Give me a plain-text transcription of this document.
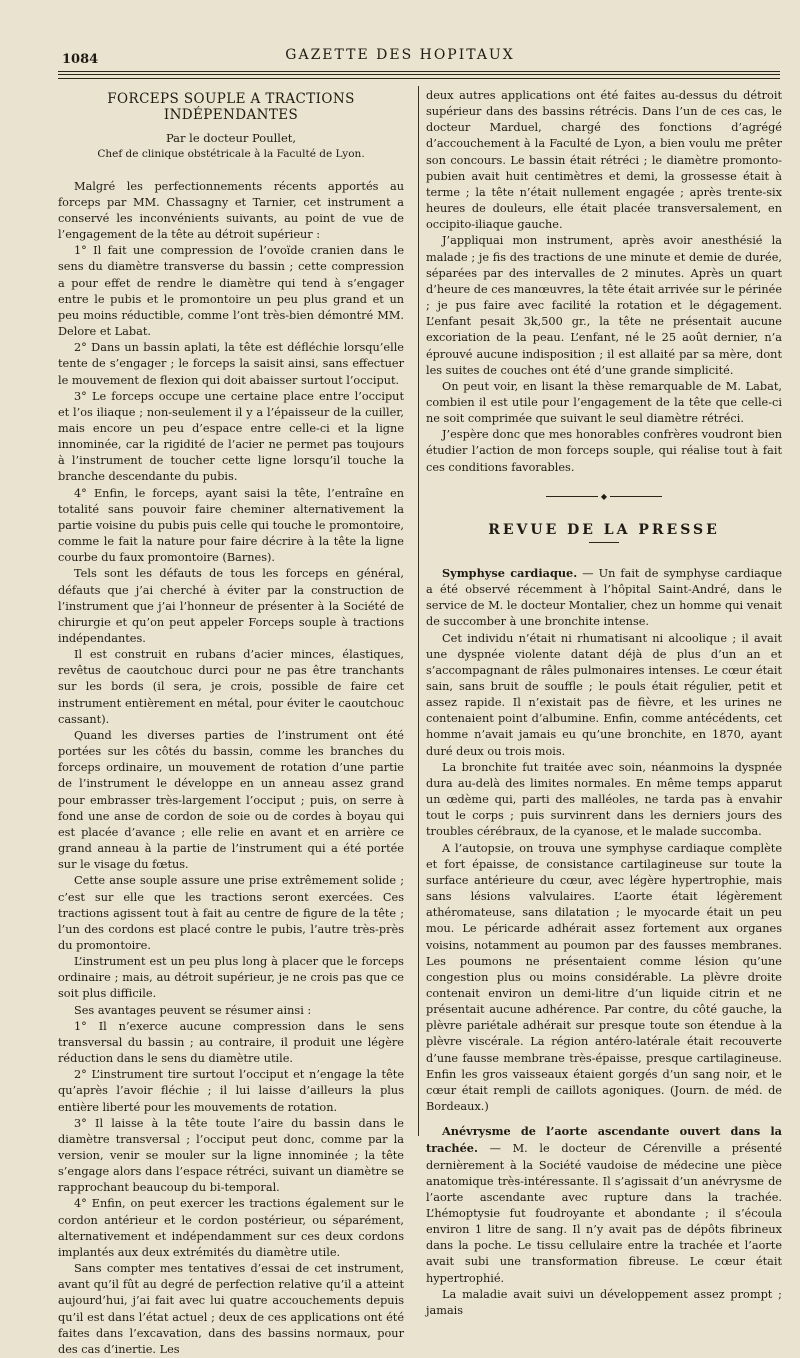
1084	GAZETTE DES HOPITAUX
FORCEPS SOUPLE A TRACTIONS INDÉPENDANTES
Par le docteur Poullet,
Chef de clinique obstétricale à la Faculté de Lyon.

Malgré les perfectionnements récents apportés au forceps par MM. Chassagny et Tarnier, cet instrument a conservé les inconvénients suivants, au point de vue de l’engagement de la tête au détroit supérieur :

1° Il fait une compression de l’ovoïde cranien dans le sens du diamètre transverse du bassin ; cette compression a pour effet de rendre le diamètre qui tend à s’engager entre le pubis et le promontoire un peu plus grand et un peu moins réductible, comme l’ont très-bien démontré MM. Delore et Labat.

2° Dans un bassin aplati, la tête est défléchie lorsqu’elle tente de s’engager ; le forceps la saisit ainsi, sans effectuer le mouvement de flexion qui doit abaisser surtout l’occiput.

3° Le forceps occupe une certaine place entre l’occiput et l’os iliaque ; non-seulement il y a l’épaisseur de la cuiller, mais encore un peu d’espace entre celle-ci et la ligne innominée, car la rigidité de l’acier ne permet pas toujours à l’instrument de toucher cette ligne lorsqu’il touche la branche descendante du pubis.

4° Enfin, le forceps, ayant saisi la tête, l’entraîne en totalité sans pouvoir faire cheminer alternativement la partie voisine du pubis puis celle qui touche le promontoire, comme le fait la nature pour faire décrire à la tête la ligne courbe du faux promontoire (Barnes).

Tels sont les défauts de tous les forceps en général, défauts que j’ai cherché à éviter par la construction de l’instrument que j’ai l’honneur de présenter à la Société de chirurgie et qu’on peut appeler Forceps souple à tractions indépendantes.

Il est construit en rubans d’acier minces, élastiques, revêtus de caoutchouc durci pour ne pas être tranchants sur les bords (il sera, je crois, possible de faire cet instrument entièrement en métal, pour éviter le caoutchouc cassant).

Quand les diverses parties de l’instrument ont été portées sur les côtés du bassin, comme les branches du forceps ordinaire, un mouvement de rotation d’une partie de l’instrument le développe en un anneau assez grand pour embrasser très-largement l’occiput ; puis, on serre à fond une anse de cordon de soie ou de cordes à boyau qui est placée d’avance ; elle relie en avant et en arrière ce grand anneau à la partie de l’instrument qui a été portée sur le visage du fœtus.

Cette anse souple assure une prise extrêmement solide ; c’est sur elle que les tractions seront exercées. Ces tractions agissent tout à fait au centre de figure de la tête ; l’un des cordons est placé contre le pubis, l’autre très-près du promontoire.

L’instrument est un peu plus long à placer que le forceps ordinaire ; mais, au détroit supérieur, je ne crois pas que ce soit plus difficile.

Ses avantages peuvent se résumer ainsi :

1° Il n’exerce aucune compression dans le sens transversal du bassin ; au contraire, il produit une légère réduction dans le sens du diamètre utile.

2° L’instrument tire surtout l’occiput et n’engage la tête qu’après l’avoir fléchie ; il lui laisse d’ailleurs la plus entière liberté pour les mouvements de rotation.

3° Il laisse à la tête toute l’aire du bassin dans le diamètre transversal ; l’occiput peut donc, comme par la version, venir se mouler sur la ligne innominée ; la tête s’engage alors dans l’espace rétréci, suivant un diamètre se rapprochant beaucoup du bi-temporal.

4° Enfin, on peut exercer les tractions également sur le cordon antérieur et le cordon postérieur, ou séparément, alternativement et indépendamment sur ces deux cordons implantés aux deux extrémités du diamètre utile.

Sans compter mes tentatives d’essai de cet instrument, avant qu’il fût au degré de perfection relative qu’il a atteint aujourd’hui, j’ai fait avec lui quatre accouchements depuis qu’il est dans l’état actuel ; deux de ces applications ont été faites dans l’excavation, dans des bassins normaux, pour des cas d’inertie. Les

deux autres applications ont été faites au-dessus du détroit supérieur dans des bassins rétrécis. Dans l’un de ces cas, le docteur Marduel, chargé des fonctions d’agrégé d’accouchement à la Faculté de Lyon, a bien voulu me prêter son concours. Le bassin était rétréci ; le diamètre promonto-pubien avait huit centimètres et demi, la grossesse était à terme ; la tête n’était nullement engagée ; après trente-six heures de douleurs, elle était placée transversalement, en occipito-iliaque gauche.

J’appliquai mon instrument, après avoir anesthésié la malade ; je fis des tractions de une minute et demie de durée, séparées par des intervalles de 2 minutes. Après un quart d’heure de ces manœuvres, la tête était arrivée sur le périnée ; je pus faire avec facilité la rotation et le dégagement. L’enfant pesait 3k,500 gr., la tête ne présentait aucune excoriation de la peau. L’enfant, né le 25 août dernier, n’a éprouvé aucune indisposition ; il est allaité par sa mère, dont les suites de couches ont été d’une grande simplicité.

On peut voir, en lisant la thèse remarquable de M. Labat, combien il est utile pour l’engagement de la tête que celle-ci ne soit comprimée que suivant le seul diamètre rétréci.

J’espère donc que mes honorables confrères voudront bien étudier l’action de mon forceps souple, qui réalise tout à fait ces conditions favorables.

◆
REVUE DE LA PRESSE

Symphyse cardiaque. — Un fait de symphyse cardiaque a été observé récemment à l’hôpital Saint-André, dans le service de M. le docteur Montalier, chez un homme qui venait de succomber à une bronchite intense.

Cet individu n’était ni rhumatisant ni alcoolique ; il avait une dyspnée violente datant déjà de plus d’un an et s’accompagnant de râles pulmonaires intenses. Le cœur était sain, sans bruit de souffle ; le pouls était régulier, petit et assez rapide. Il n’existait pas de fièvre, et les urines ne contenaient point d’albumine. Enfin, comme antécédents, cet homme n’avait jamais eu qu’une bronchite, en 1870, ayant duré deux ou trois mois.

La bronchite fut traitée avec soin, néanmoins la dyspnée dura au-delà des limites normales. En même temps apparut un œdème qui, parti des malléoles, ne tarda pas à envahir tout le corps ; puis survinrent dans les derniers jours des troubles cérébraux, de la cyanose, et le malade succomba.

A l’autopsie, on trouva une symphyse cardiaque complète et fort épaisse, de consistance cartilagineuse sur toute la surface antérieure du cœur, avec légère hypertrophie, mais sans lésions valvulaires. L’aorte était légèrement athéromateuse, sans dilatation ; le myocarde était un peu mou. Le péricarde adhérait assez fortement aux organes voisins, notamment au poumon par des fausses membranes. Les poumons ne présentaient comme lésion qu’une congestion plus ou moins considérable. La plèvre droite contenait environ un demi-litre d’un liquide citrin et ne présentait aucune adhérence. Par contre, du côté gauche, la plèvre pariétale adhérait sur presque toute son étendue à la plèvre viscérale. La région antéro-latérale était recouverte d’une fausse membrane très-épaisse, presque cartilagineuse. Enfin les gros vaisseaux étaient gorgés d’un sang noir, et le cœur était rempli de caillots agoniques. (Journ. de méd. de Bordeaux.)

Anévrysme de l’aorte ascendante ouvert dans la trachée. — M. le docteur de Cérenville a présenté dernièrement à la Société vaudoise de médecine une pièce anatomique très-intéressante. Il s’agissait d’un anévrysme de l’aorte ascendante avec rupture dans la trachée. L’hémoptysie fut foudroyante et abondante ; il s’écoula environ 1 litre de sang. Il n’y avait pas de dépôts fibrineux dans la poche. Le tissu cellulaire entre la trachée et l’aorte avait subi une transformation fibreuse. Le cœur était hypertrophié.

La maladie avait suivi un développement assez prompt ; jamais
